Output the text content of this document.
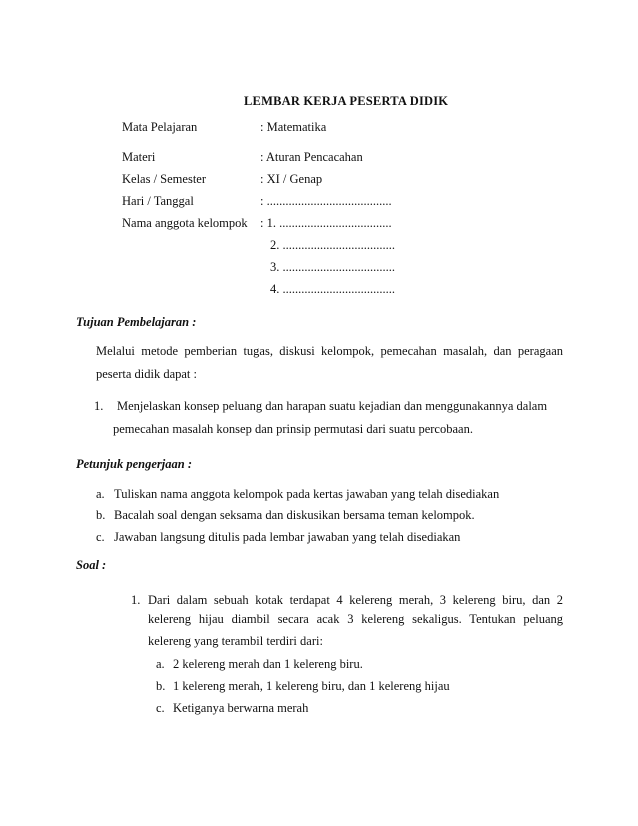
LEMBAR KERJA PESERTA DIDIK
Mata Pelajaran	: Matematika
Materi	: Aturan Pencacahan
Kelas / Semester	: XI / Genap
Hari / Tanggal	: ........................................
Nama anggota kelompok : 1. ....................................
2. ....................................
3. ....................................
4. ....................................
Tujuan Pembelajaran :
Melalui metode pemberian tugas, diskusi kelompok, pemecahan masalah, dan peragaan
peserta didik dapat :
1. Menjelaskan konsep peluang dan harapan suatu kejadian dan menggunakannya dalam
pemecahan masalah konsep dan prinsip permutasi dari suatu percobaan.
Petunjuk pengerjaan :
a. Tuliskan nama anggota kelompok pada kertas jawaban yang telah disediakan
b. Bacalah soal dengan seksama dan diskusikan bersama teman kelompok.
c. Jawaban langsung ditulis pada lembar jawaban yang telah disediakan
Soal :
1. Dari dalam sebuah kotak terdapat 4 kelereng merah, 3 kelereng biru, dan 2
kelereng hijau diambil secara acak 3 kelereng sekaligus. Tentukan peluang
kelereng yang terambil terdiri dari:
a. 2 kelereng merah dan 1 kelereng biru.
b. 1 kelereng merah, 1 kelereng biru, dan 1 kelereng hijau
c. Ketiganya berwarna merah
